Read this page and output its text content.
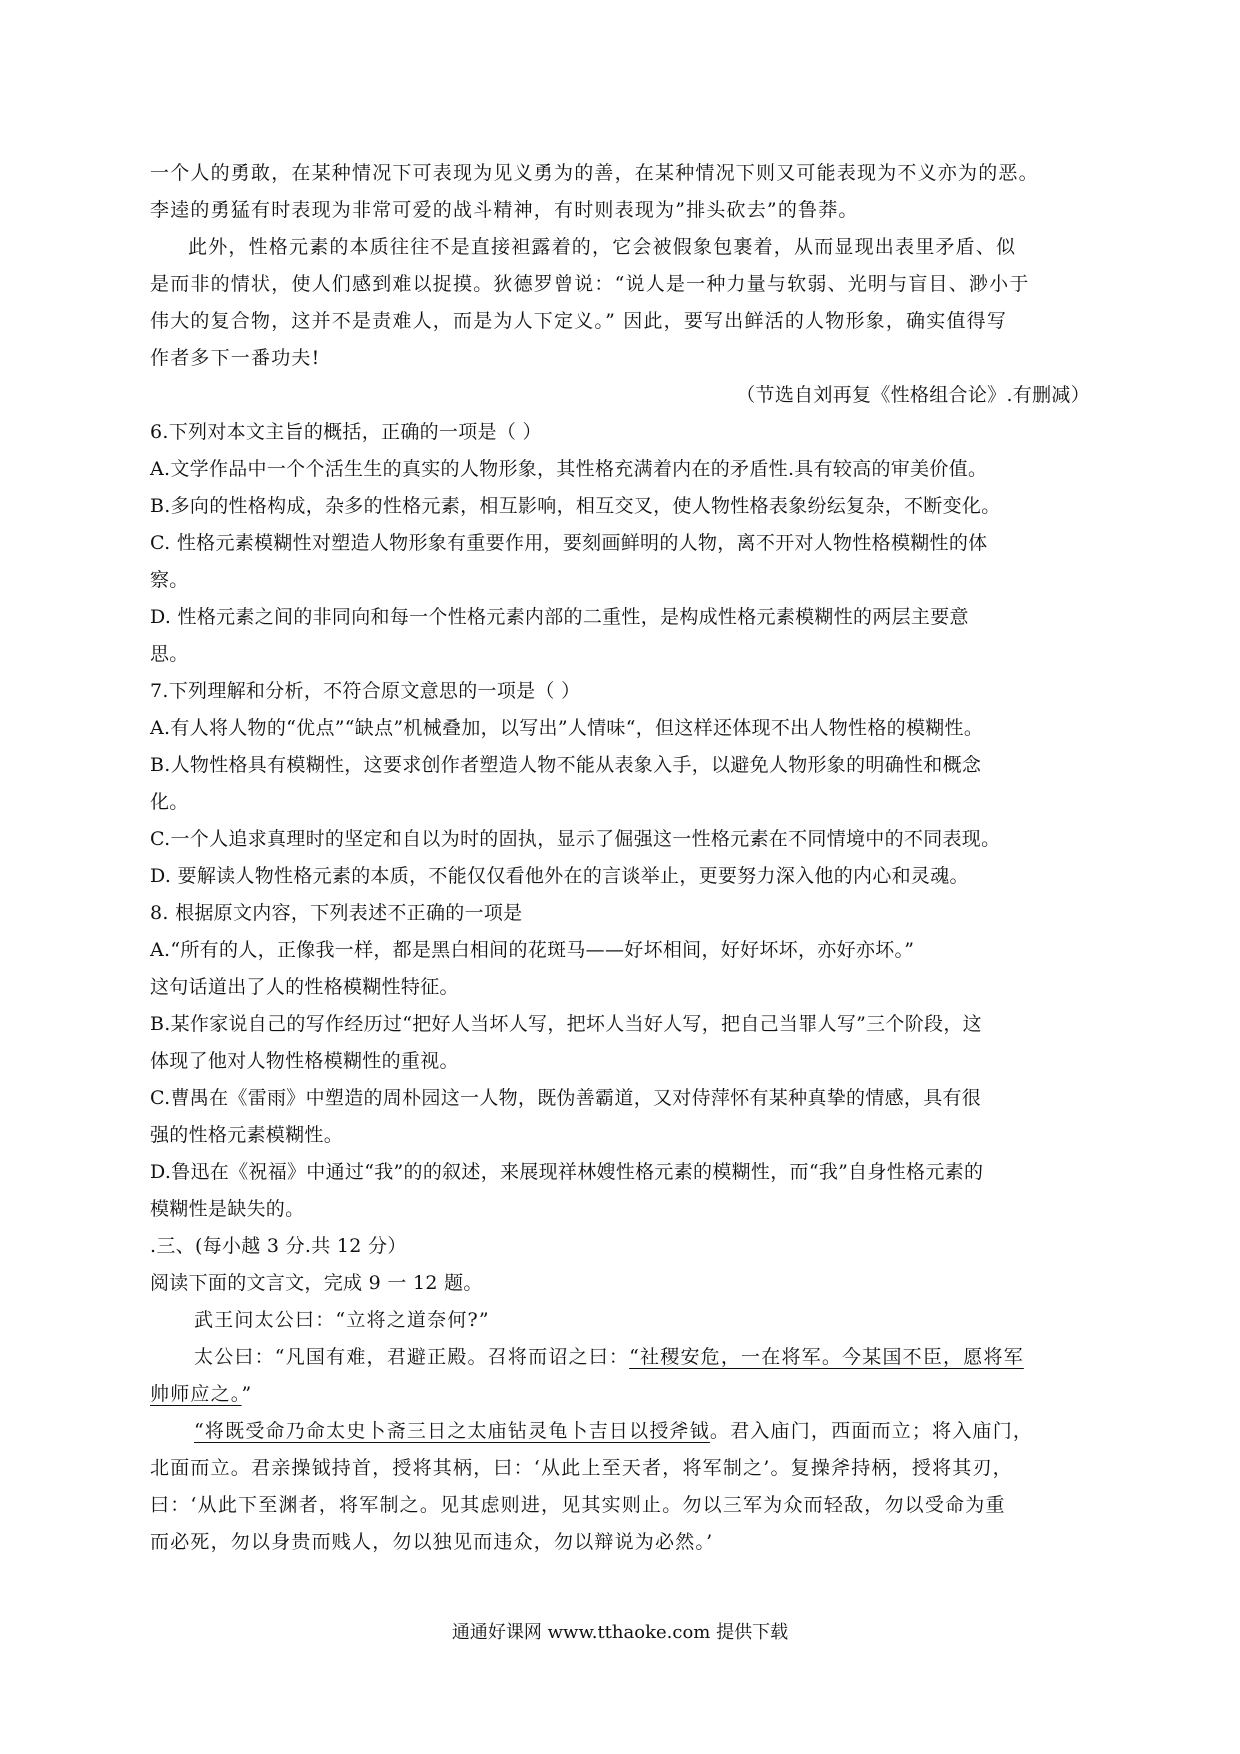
一个人的勇敢，在某种情况下可表现为见义勇为的善，在某种情况下则又可能表现为不义亦为的恶。
李逵的勇猛有时表现为非常可爱的战斗精神，有时则表现为”排头砍去”的鲁莽。
此外，性格元素的本质往往不是直接袒露着的，它会被假象包裹着，从而显现出表里矛盾、似
是而非的情状，使人们感到难以捉摸。狄德罗曾说：“说人是一种力量与软弱、光明与盲目、渺小于
伟大的复合物，这并不是责难人，而是为人下定义。” 因此，要写出鲜活的人物形象，确实值得写
作者多下一番功夫!
（节选自刘再复《性格组合论》.有删减）
6.下列对本文主旨的概括，正确的一项是（ ）
A.文学作品中一个个活生生的真实的人物形象，其性格充满着内在的矛盾性.具有较高的审美价值。
B.多向的性格构成，杂多的性格元素，相互影响，相互交叉，使人物性格表象纷纭复杂，不断变化。
C. 性格元素模糊性对塑造人物形象有重要作用，要刻画鲜明的人物，离不开对人物性格模糊性的体
察。
D. 性格元素之间的非同向和每一个性格元素内部的二重性，是构成性格元素模糊性的两层主要意
思。
7.下列理解和分析，不符合原文意思的一项是（ ）
A.有人将人物的“优点”“缺点”机械叠加，以写出”人情味“，但这样还体现不出人物性格的模糊性。
B.人物性格具有模糊性，这要求创作者塑造人物不能从表象入手，以避免人物形象的明确性和概念
化。
C.一个人追求真理时的坚定和自以为时的固执，显示了倔强这一性格元素在不同情境中的不同表现。
D. 要解读人物性格元素的本质，不能仅仅看他外在的言谈举止，更要努力深入他的内心和灵魂。
8. 根据原文内容，下列表述不正确的一项是
A.“所有的人，正像我一样，都是黑白相间的花斑马——好坏相间，好好坏坏，亦好亦坏。”
这句话道出了人的性格模糊性特征。
B.某作家说自己的写作经历过“把好人当坏人写，把坏人当好人写，把自己当罪人写”三个阶段，这
体现了他对人物性格模糊性的重视。
C.曹禺在《雷雨》中塑造的周朴园这一人物，既伪善霸道，又对侍萍怀有某种真挚的情感，具有很
强的性格元素模糊性。
D.鲁迅在《祝福》中通过“我”的的叙述，来展现祥林嫂性格元素的模糊性，而“我”自身性格元素的
模糊性是缺失的。
.三、(每小越 3 分.共 12 分）
阅读下面的文言文，完成 9 一 12 题。
武王问太公曰：“立将之道奈何?”
太公曰：“凡国有难，君避正殿。召将而诏之曰：“社稷安危，一在将军。今某国不臣，愿将军
帅师应之。”
“将既受命乃命太史卜斋三日之太庙钻灵龟卜吉日以授斧钺。君入庙门，西面而立；将入庙门，
北面而立。君亲操钺持首，授将其柄，曰：‘从此上至天者，将军制之’。复操斧持柄，授将其刃，
曰：‘从此下至渊者，将军制之。见其虑则进，见其实则止。勿以三军为众而轻敌，勿以受命为重
而必死，勿以身贵而贱人，勿以独见而违众，勿以辩说为必然。’
通通好课网 www.tthaoke.com 提供下载
